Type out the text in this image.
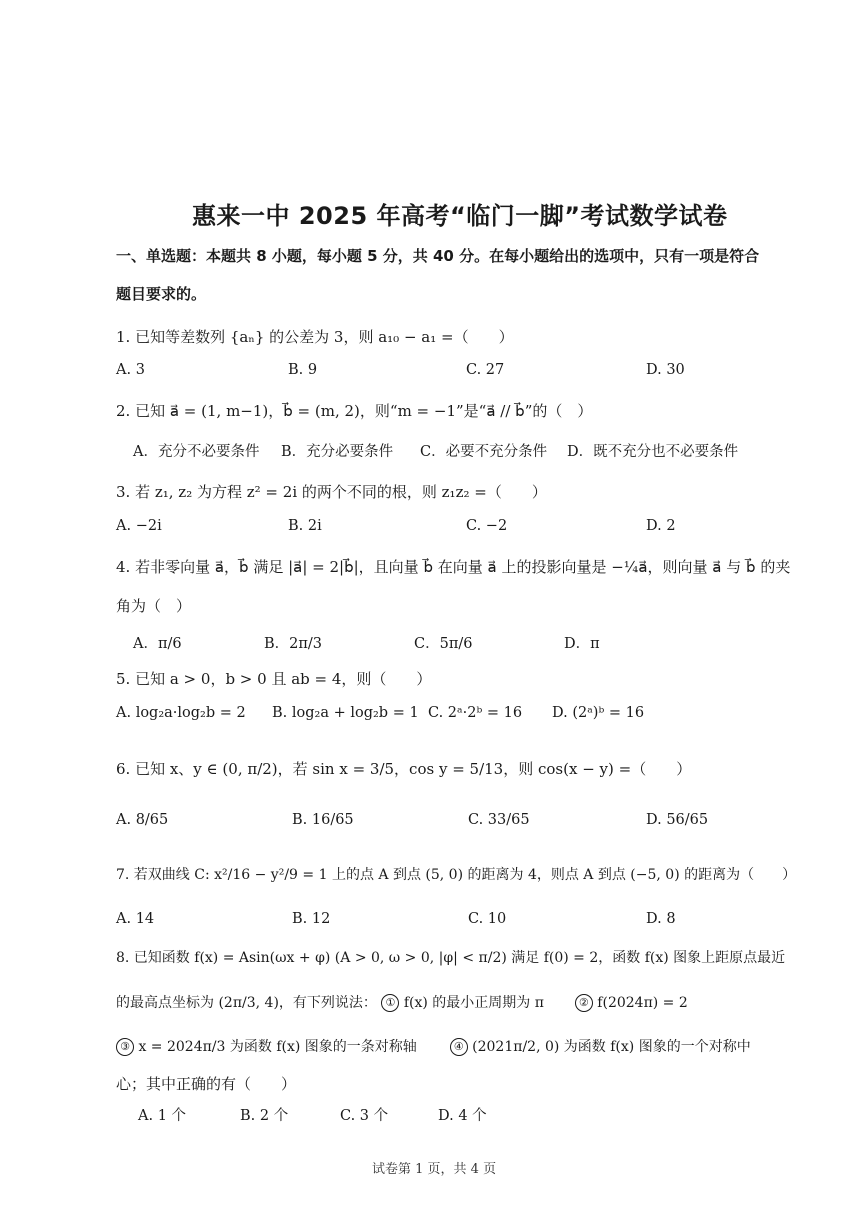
惠来一中 2025 年高考“临门一脚”考试数学试卷
一、单选题：本题共 8 小题，每小题 5 分，共 40 分。在每小题给出的选项中，只有一项是符合
题目要求的。
1. 已知等差数列 {aₙ} 的公差为 3，则 a₁₀ − a₁ =（　　）
A. 3	B. 9	C. 27	D. 30
2. 已知 a⃗ = (1, m−1)，b⃗ = (m, 2)，则“m = −1”是“a⃗ // b⃗”的（　）
A．充分不必要条件 B．充分必要条件 C．必要不充分条件 D．既不充分也不必要条件
3. 若 z₁, z₂ 为方程 z² = 2i 的两个不同的根，则 z₁z₂ =（　　）
A. −2i	B. 2i	C. −2	D. 2
4. 若非零向量 a⃗，b⃗ 满足 |a⃗| = 2|b⃗|，且向量 b⃗ 在向量 a⃗ 上的投影向量是 −¼a⃗，则向量 a⃗ 与 b⃗ 的夹
角为（　）
A．π/6	B．2π/3	C．5π/6	D．π
5. 已知 a > 0，b > 0 且 ab = 4，则（　　）
A. log₂a·log₂b = 2 B. log₂a + log₂b = 1 C. 2ᵃ·2ᵇ = 16 D. (2ᵃ)ᵇ = 16
6. 已知 x、y ∈ (0, π/2)，若 sin x = 3/5，cos y = 5/13，则 cos(x − y) =（　　）
A. 8/65	B. 16/65	C. 33/65	D. 56/65
7. 若双曲线 C: x²/16 − y²/9 = 1 上的点 A 到点 (5, 0) 的距离为 4，则点 A 到点 (−5, 0) 的距离为（　　）
A. 14	B. 12	C. 10	D. 8
8. 已知函数 f(x) = Asin(ωx + φ) (A > 0, ω > 0, |φ| < π/2) 满足 f(0) = 2，函数 f(x) 图象上距原点最近
的最高点坐标为 (2π/3, 4)，有下列说法： ① f(x) 的最小正周期为 π	② f(2024π) = 2
③ x = 2024π/3 为函数 f(x) 图象的一条对称轴	④ (2021π/2, 0) 为函数 f(x) 图象的一个对称中
心；其中正确的有（　　）
A. 1 个	B. 2 个	C. 3 个	D. 4 个
试卷第 1 页，共 4 页
